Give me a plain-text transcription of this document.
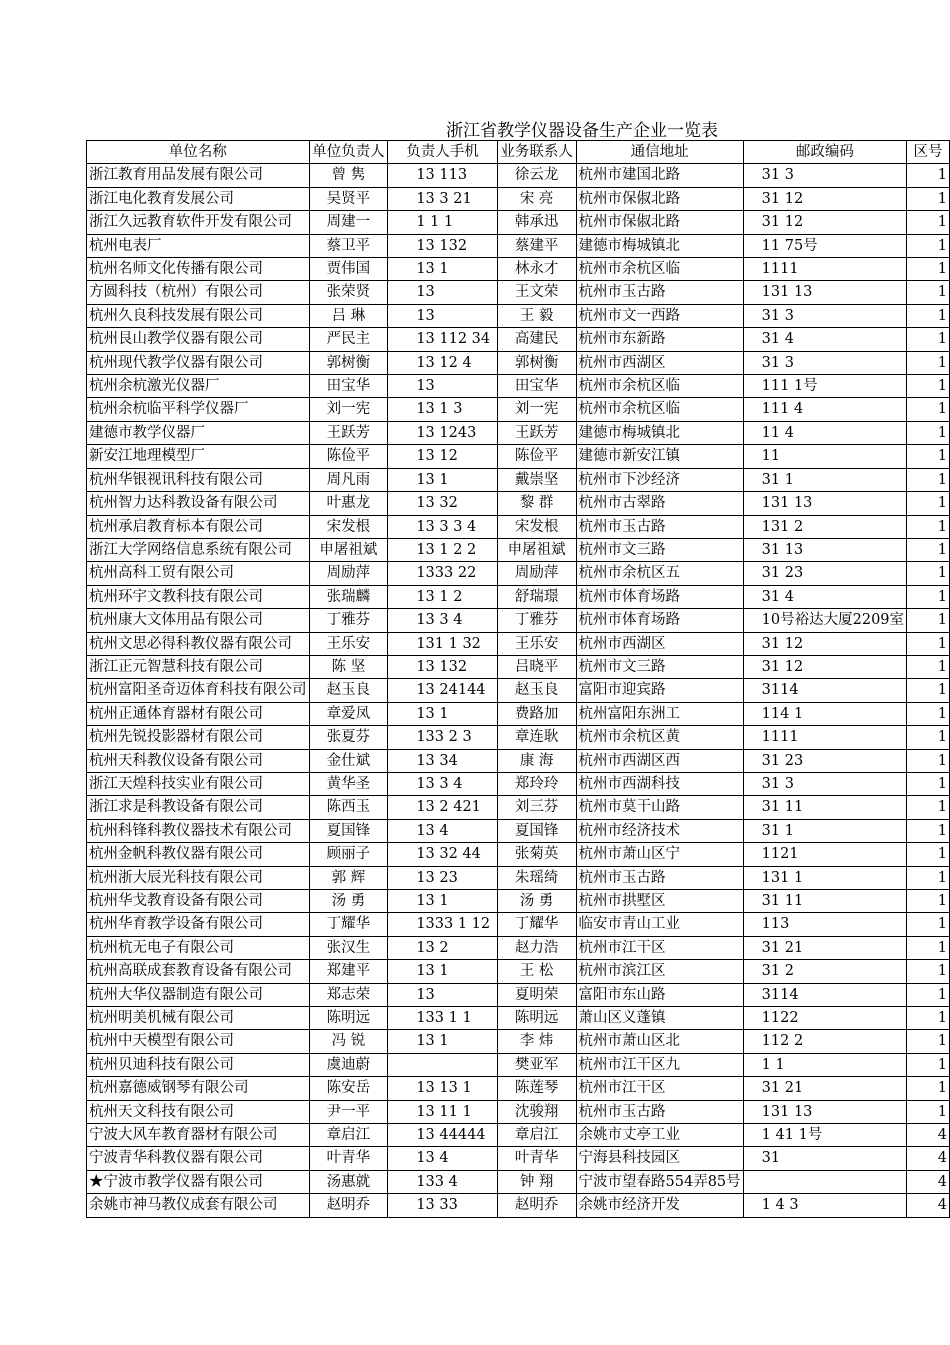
浙江省教学仪器设备生产企业一览表
单位名称	单位负责人	负责人手机	业务联系人	通信地址	邮政编码	区号
浙江教育用品发展有限公司	曾 隽	13 113	徐云龙	杭州市建国北路	31 3	1
浙江电化教育发展公司	吴贤平	13 3 21	宋 亮	杭州市保俶北路	31 12	1
浙江久远教育软件开发有限公司	周建一	1 1 1	韩承迅	杭州市保俶北路	31 12	1
杭州电表厂	蔡卫平	13 132	蔡建平	建德市梅城镇北	11 75号	1
杭州名师文化传播有限公司	贾伟国	13 1	林永才	杭州市余杭区临	1111	1
方圆科技（杭州）有限公司	张荣贤	13	王文荣	杭州市玉古路	131 13	1
杭州久良科技发展有限公司	吕 琳	13	王 毅	杭州市文一西路	31 3	1
杭州艮山教学仪器有限公司	严民主	13 112 34	高建民	杭州市东新路	31 4	1
杭州现代教学仪器有限公司	郭树衡	13 12 4	郭树衡	杭州市西湖区	31 3	1
杭州余杭激光仪器厂	田宝华	13	田宝华	杭州市余杭区临	111 1号	1
杭州余杭临平科学仪器厂	刘一宪	13 1 3	刘一宪	杭州市余杭区临	111 4	1
建德市教学仪器厂	王跃芳	13 1243	王跃芳	建德市梅城镇北	11 4	1
新安江地理模型厂	陈俭平	13 12	陈俭平	建德市新安江镇	11	1
杭州华银视讯科技有限公司	周凡雨	13 1	戴崇坚	杭州市下沙经济	31 1	1
杭州智力达科教设备有限公司	叶惠龙	13 32	黎 群	杭州市古翠路	131 13	1
杭州承启教育标本有限公司	宋发根	13 3 3 4	宋发根	杭州市玉古路	131 2	1
浙江大学网络信息系统有限公司	申屠祖斌	13 1 2 2	申屠祖斌	杭州市文三路	31 13	1
杭州高科工贸有限公司	周励萍	1333 22	周励萍	杭州市余杭区五	31 23	1
杭州环宇文教科技有限公司	张瑞麟	13 1 2	舒瑞璟	杭州市体育场路	31 4	1
杭州康大文体用品有限公司	丁雅芬	13 3 4	丁雅芬	杭州市体育场路	10号裕达大厦2209室	1
杭州文思必得科教仪器有限公司	王乐安	131 1 32	王乐安	杭州市西湖区	31 12	1
浙江正元智慧科技有限公司	陈 坚	13 132	吕晓平	杭州市文三路	31 12	1
杭州富阳圣奇迈体育科技有限公司	赵玉良	13 24144	赵玉良	富阳市迎宾路	3114	1
杭州正通体育器材有限公司	章爱凤	13 1	费路加	杭州富阳东洲工	114 1	1
杭州先锐投影器材有限公司	张夏芬	133 2 3	章连耿	杭州市余杭区黄	1111	1
杭州天科教仪设备有限公司	金仕斌	13 34	康 海	杭州市西湖区西	31 23	1
浙江天煌科技实业有限公司	黄华圣	13 3 4	郑玲玲	杭州市西湖科技	31 3	1
浙江求是科教设备有限公司	陈西玉	13 2 421	刘三芬	杭州市莫干山路	31 11	1
杭州科锋科教仪器技术有限公司	夏国锋	13 4	夏国锋	杭州市经济技术	31 1	1
杭州金帆科教仪器有限公司	顾丽子	13 32 44	张菊英	杭州市萧山区宁	1121	1
杭州浙大辰光科技有限公司	郭 辉	13 23	朱瑶绮	杭州市玉古路	131 1	1
杭州华戈教育设备有限公司	汤 勇	13 1	汤 勇	杭州市拱墅区	31 11	1
杭州华育教学设备有限公司	丁耀华	1333 1 12	丁耀华	临安市青山工业	113	1
杭州杭无电子有限公司	张汉生	13 2	赵力浩	杭州市江干区	31 21	1
杭州高联成套教育设备有限公司	郑建平	13 1	王 松	杭州市滨江区	31 2	1
杭州大华仪器制造有限公司	郑志荣	13	夏明荣	富阳市东山路	3114	1
杭州明美机械有限公司	陈明远	133 1 1	陈明远	萧山区义蓬镇	1122	1
杭州中天模型有限公司	冯 锐	13 1	李 炜	杭州市萧山区北	112 2	1
杭州贝迪科技有限公司	虞迪蔚		樊亚军	杭州市江干区九	1 1	1
杭州嘉德威钢琴有限公司	陈安岳	13 13 1	陈莲琴	杭州市江干区	31 21	1
杭州天文科技有限公司	尹一平	13 11 1	沈骏翔	杭州市玉古路	131 13	1
宁波大风车教育器材有限公司	章启江	13 44444	章启江	余姚市丈亭工业	1 41 1号	4
宁波青华科教仪器有限公司	叶青华	13 4	叶青华	宁海县科技园区	31	4
★宁波市教学仪器有限公司	汤惠就	133 4	钟 翔	宁波市望春路554弄85号		4
余姚市神马教仪成套有限公司	赵明乔	13 33	赵明乔	余姚市经济开发	1 4 3	4
